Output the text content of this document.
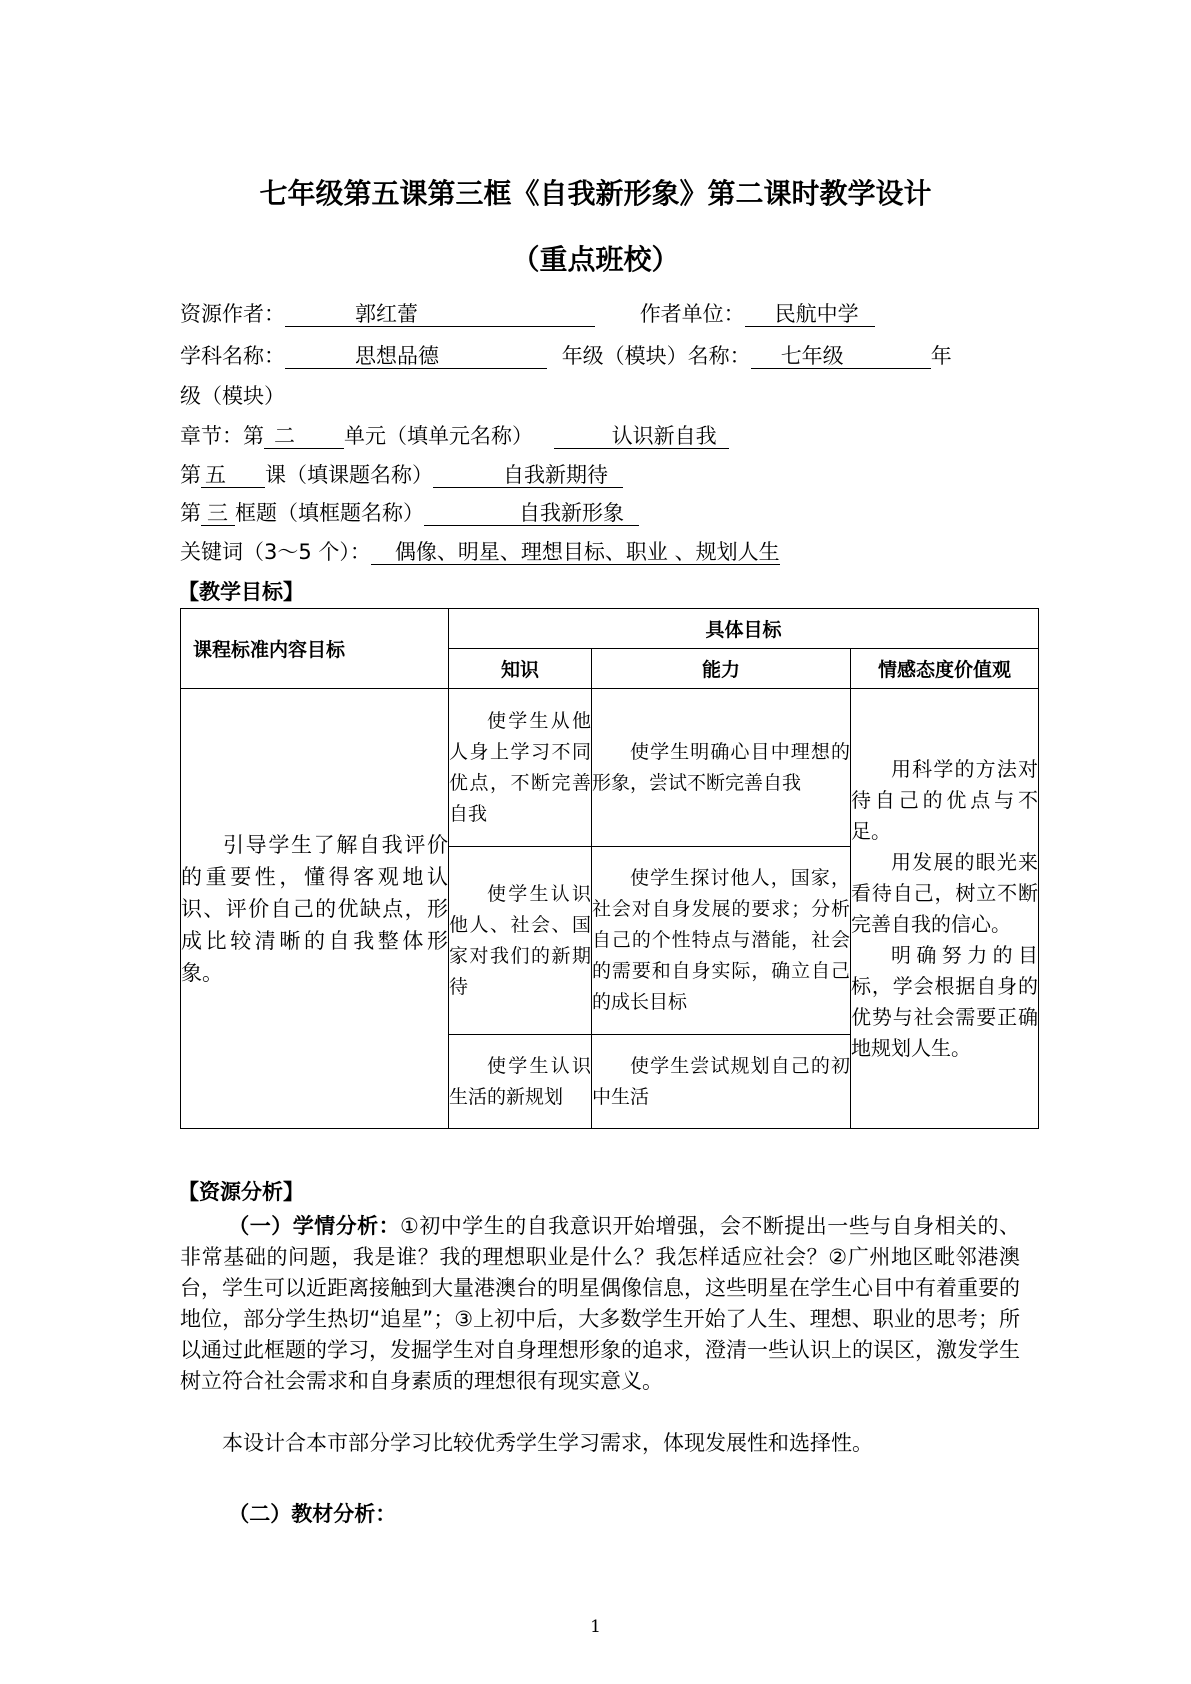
七年级第五课第三框《自我新形象》第二课时教学设计
（重点班校）
资源作者：	郭红蕾	作者单位： 民航中学
学科名称：	思想品德	年级（模块）名称： 七年级	年
级（模块）
章节：第 二 单元（填单元名称）	认识新自我
第 五 课（填课题名称）	自我新期待
第 三 框题（填框题名称）	自我新形象
关键词（3～5 个）： 偶像、明星、理想目标、职业 、规划人生
【教学目标】
课程标准内容目标	具体目标		
	知识	能力	情感态度价值观
引导学生了解自我评价的重要性，懂得客观地认识、评价自己的优缺点，形成比较清晰的自我整体形象。	使学生从他人身上学习不同优点，不断完善自我	使学生明确心目中理想的形象，尝试不断完善自我	用科学的方法对待自己的优点与不足。
用发展的眼光来看待自己，树立不断完善自我的信心。
明确努力的目标，学会根据自身的优势与社会需要正确地规划人生。

	使学生认识他人、社会、国家对我们的新期待	使学生探讨他人，国家，社会对自身发展的要求；分析自己的个性特点与潜能，社会的需要和自身实际，确立自己的成长目标	
	使学生认识生活的新规划	使学生尝试规划自己的初中生活	
【资源分析】
（一）学情分析：①初中学生的自我意识开始增强，会不断提出一些与自身相关的、非常基础的问题，我是谁？我的理想职业是什么？我怎样适应社会？②广州地区毗邻港澳台，学生可以近距离接触到大量港澳台的明星偶像信息，这些明星在学生心目中有着重要的地位，部分学生热切“追星”；③上初中后，大多数学生开始了人生、理想、职业的思考；所以通过此框题的学习，发掘学生对自身理想形象的追求，澄清一些认识上的误区，激发学生树立符合社会需求和自身素质的理想很有现实意义。
本设计合本市部分学习比较优秀学生学习需求，体现发展性和选择性。
（二）教材分析：
1
